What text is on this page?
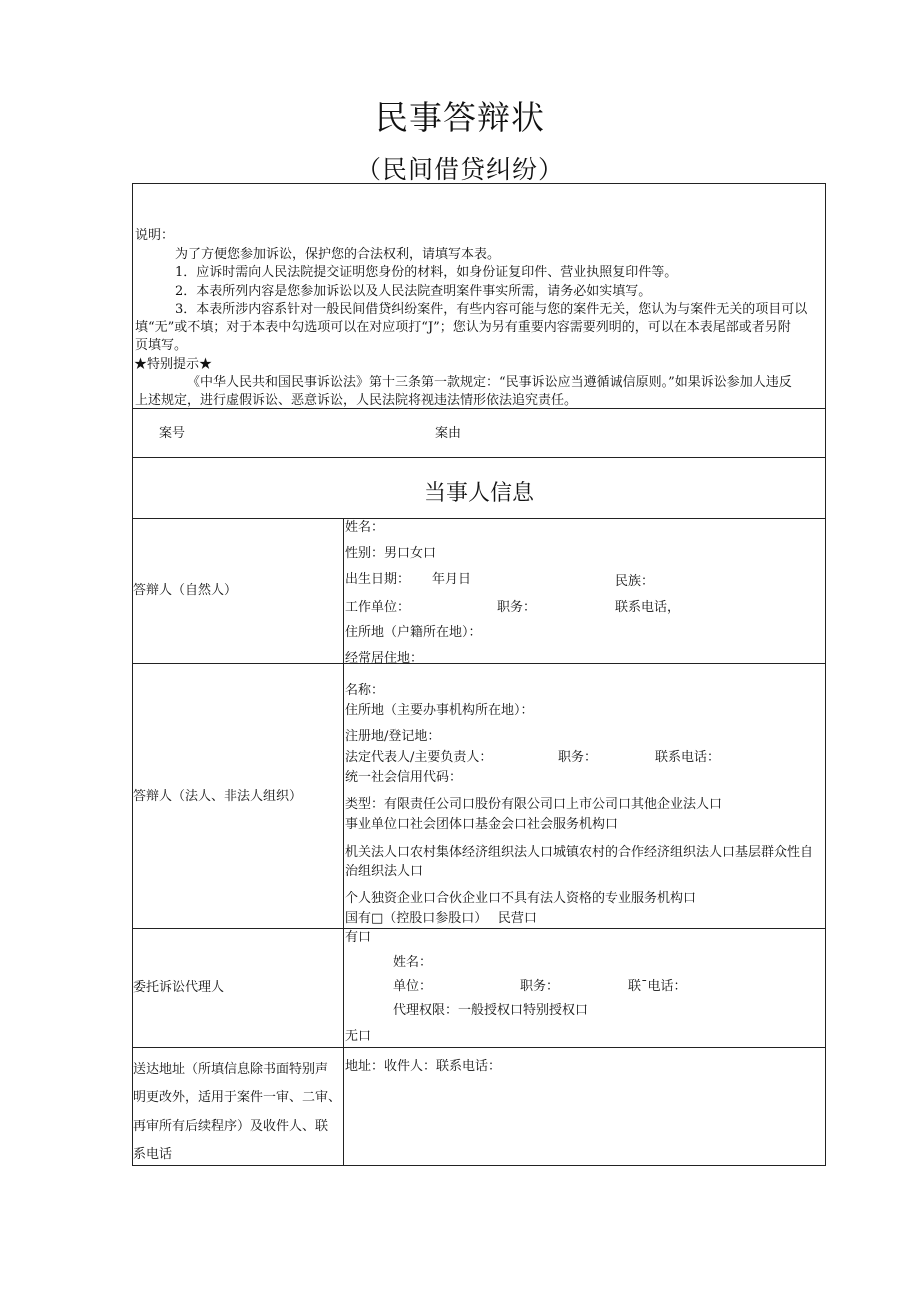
民事答辩状
（民间借贷纠纷）
说明：
为了方便您参加诉讼，保护您的合法权利，请填写本表。
1．应诉时需向人民法院提交证明您身份的材料，如身份证复印件、营业执照复印件等。
2．本表所列内容是您参加诉讼以及人民法院查明案件事实所需，请务必如实填写。
3．本表所涉内容系针对一般民间借贷纠纷案件，有些内容可能与您的案件无关，您认为与案件无关的项目可以
填“无”或不填；对于本表中勾选项可以在对应项打“J”；您认为另有重要内容需要列明的，可以在本表尾部或者另附
页填写。
★特别提示★
《中华人民共和国民事诉讼法》第十三条第一款规定：“民事诉讼应当遵循诚信原则。”如果诉讼参加人违反
上述规定，进行虚假诉讼、恶意诉讼，人民法院将视违法情形依法追究责任。
案号	案由
当事人信息
答辩人（自然人）
姓名：
性别：男口女口
出生日期： 年月日	民族：
工作单位：	职务：	联系电话，
住所地（户籍所在地）：
经常居住地：
答辩人（法人、非法人组织）
名称：
住所地（主要办事机构所在地）：
注册地/登记地：
法定代表人/主要负责人：	职务：	联系电话：
统一社会信用代码：
类型：有限责任公司口股份有限公司口上市公司口其他企业法人口
事业单位口社会团体口基金会口社会服务机构口
机关法人口农村集体经济组织法人口城镇农村的合作经济组织法人口基层群众性自
治组织法人口
个人独资企业口合伙企业口不具有法人资格的专业服务机构口
国有□（控股口参股口）　 民营口
委托诉讼代理人
有口
姓名：
单位：	职务：	联ˉ电话：
代理权限：一般授权口特别授权口
无口
送达地址（所填信息除书面特别声
明更改外，适用于案件一审、二审、
再审所有后续程序）及收件人、联
系电话
地址：收件人：联系电话：
